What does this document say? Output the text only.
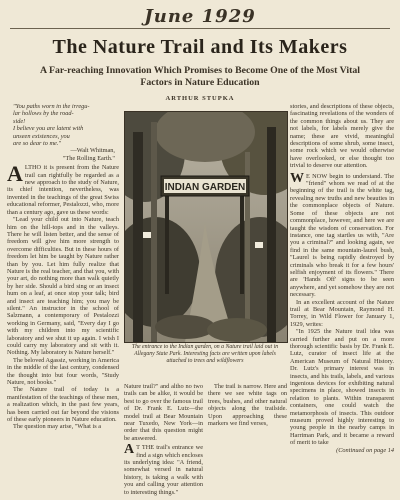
June 1929
The Nature Trail and Its Makers
A Far-reaching Innovation Which Promises to Become One of the Most Vital Factors in Nature Education
ARTHUR STUPKA
"You paths worn in the irregu-
lar hollows by the road-
side!
I believe you are latent with
unseen existences, you
are so dear to me."
—Walt Whitman,
"The Rolling Earth."

ALTHO it is present from the Nature trail can rightfully be regarded as a new approach to the study of Nature, its chief intention, nevertheless, was invented in the teachings of the great Swiss educational reformer, Pestalozzi, who, more than a century ago, gave us these words:

"Lead your child out into Nature, teach him on the hill-tops and in the valleys. There he will listen better, and the sense of freedom will give him more strength to overcome difficulties. But in these hours of freedom let him be taught by Nature rather than by you. Let him fully realize that Nature is the real teacher, and that you, with your art, do nothing more than walk quietly by her side. Should a bird sing or an insect hum on a leaf, at once stop your talk; bird and insect are teaching him; you may be silent." An instructor in the school of Salzmann, a contemporary of Pestalozzi working in Germany, said, "Every day I go with my children into my scientific laboratory and we shut it up again. I wish I could carry my laboratory and sit with it. Nothing. My laboratory is Nature herself."

The beloved Agassiz, working in America in the middle of the last century, condensed the thought into but four words, "Study Nature, not books."

The Nature trail of today is a manifestation of the teachings of these men, a realization which, in the past few years, has been carried out far beyond the visions of these early pioneers in Nature education.

The question may arise, "What is a

INDIAN GARDEN
The entrance to the Indian garden, on a Nature trail laid out in Allegany State Park. Interesting facts are written upon labels attached to trees and wildflowers

Nature trail?" and altho no two trails can be alike, it would be best to go over the famous trail of Dr. Frank E. Lutz—the model trail at Bear Mountain near Tuxedo, New York—in order that this question might be answered.

A T THE trail's entrance we find a sign which encloses its underlying idea: "A friend, somewhat versed in natural history, is taking a walk with you and calling your attention to interesting things."

The trail is narrow. Here and there we see white tags on trees, bushes, and other natural objects along the trailside. Upon approaching these markers we find verses,

stories, and descriptions of these objects, fascinating revelations of the wonders of the common things about us. They are not labels, for labels merely give the name; these are vivid, meaningful descriptions of some shrub, some insect, some rock which we would otherwise have overlooked, or else thought too trivial to deserve our attention.

W E NOW begin to understand. The "friend" whom we read of at the beginning of the trail is the white tag, revealing new truths and new beauties in the commonplace objects of Nature. Some of these objects are not commonplace, however, and here we are taught the wisdom of conservation. For instance, one tag startles us with, "Are you a criminal?" and looking again, we find in the same mountain-laurel bush, "Laurel is being rapidly destroyed by criminals who break it for a few hours' selfish enjoyment of its flowers." There are 'Hands Off' signs to be seen anywhere, and yet somehow they are not necessary.

In an excellent account of the Nature trail at Bear Mountain, Raymond H. Torrey, in Wild Flower for January 1, 1929, writes:

"In 1925 the Nature trail idea was carried further and put on a more thorough scientific basis by Dr. Frank E. Lutz, curator of insect life at the American Museum of Natural History. Dr. Lutz's primary interest was in insects, and his trails, labels, and various ingenious devices for exhibiting natural specimens in place, showed insects in relation to plants. Within transparent containers, one could watch the metamorphosis of insects. This outdoor museum proved highly interesting to young people in the nearby camps in Harriman Park, and it became a reward of merit to take

(Continued on page 14
